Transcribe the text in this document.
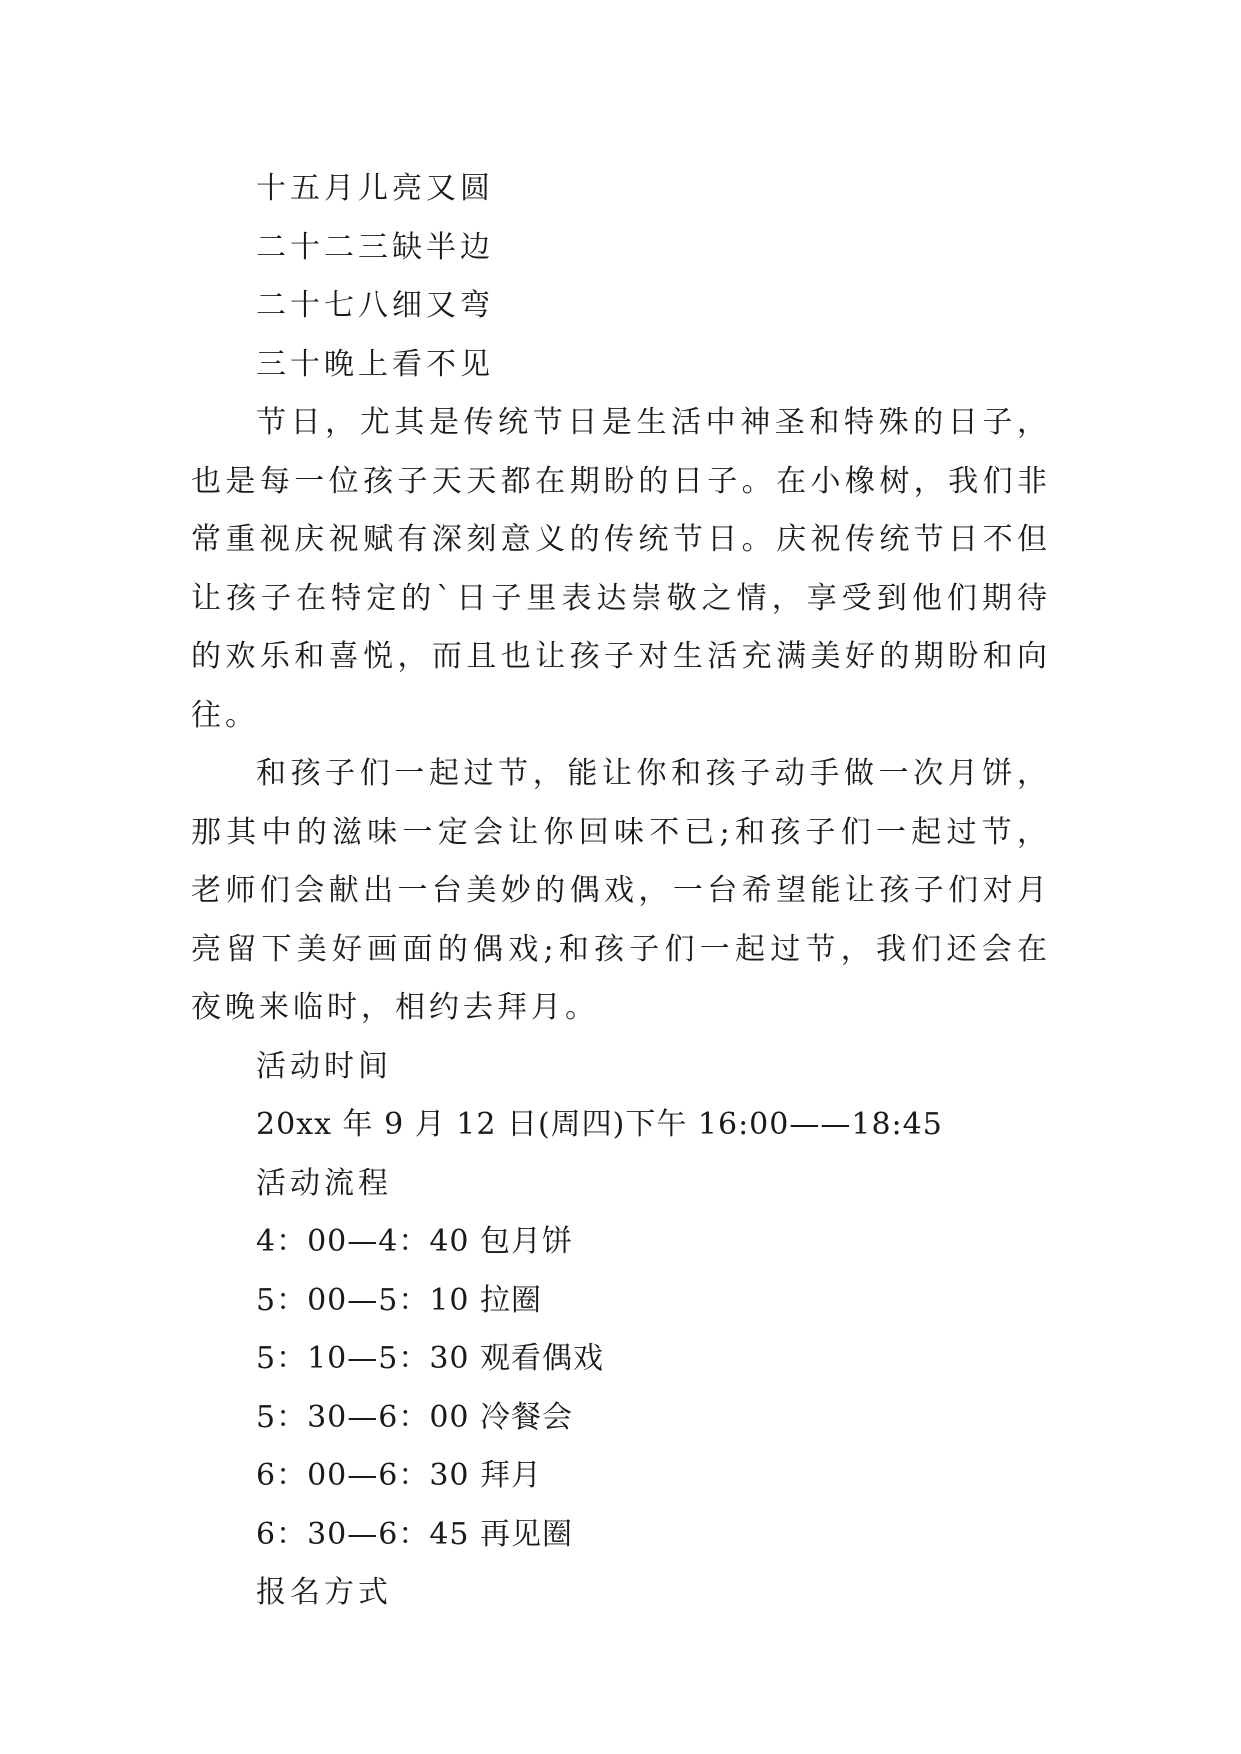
十五月儿亮又圆

二十二三缺半边

二十七八细又弯

三十晚上看不见

节日，尤其是传统节日是生活中神圣和特殊的日子，也是每一位孩子天天都在期盼的日子。在小橡树，我们非常重视庆祝赋有深刻意义的传统节日。庆祝传统节日不但让孩子在特定的`日子里表达崇敬之情，享受到他们期待的欢乐和喜悦，而且也让孩子对生活充满美好的期盼和向往。

和孩子们一起过节，能让你和孩子动手做一次月饼，那其中的滋味一定会让你回味不已;和孩子们一起过节，老师们会献出一台美妙的偶戏，一台希望能让孩子们对月亮留下美好画面的偶戏;和孩子们一起过节，我们还会在夜晚来临时，相约去拜月。

活动时间

20xx 年 9 月 12 日(周四)下午 16:00——18:45

活动流程

4：00—4：40 包月饼

5：00—5：10 拉圈

5：10—5：30 观看偶戏

5：30—6：00 冷餐会

6：00—6：30 拜月

6：30—6：45 再见圈

报名方式
